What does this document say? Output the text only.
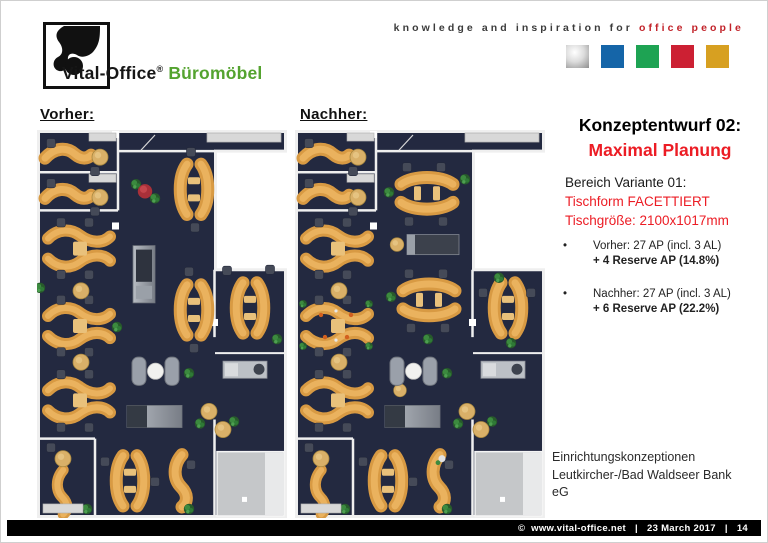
Vital-Office® Büromöbel
knowledge and inspiration for office people
Vorher:	Nachher:
Konzeptentwurf 02:
Maximal Planung
Bereich Variante 01:
Tischform FACETTIERT
Tischgröße: 2100x1017mm
•	Vorher: 27 AP (incl. 3 AL)
+ 4 Reserve AP (14.8%)
•	Nachher: 27 AP (incl. 3 AL)
+ 6 Reserve AP (22.2%)
Einrichtungskonzeptionen
Leutkircher-/Bad Waldseer Bank
eG
©  www.vital-office.net | 23 March 2017 | 14
